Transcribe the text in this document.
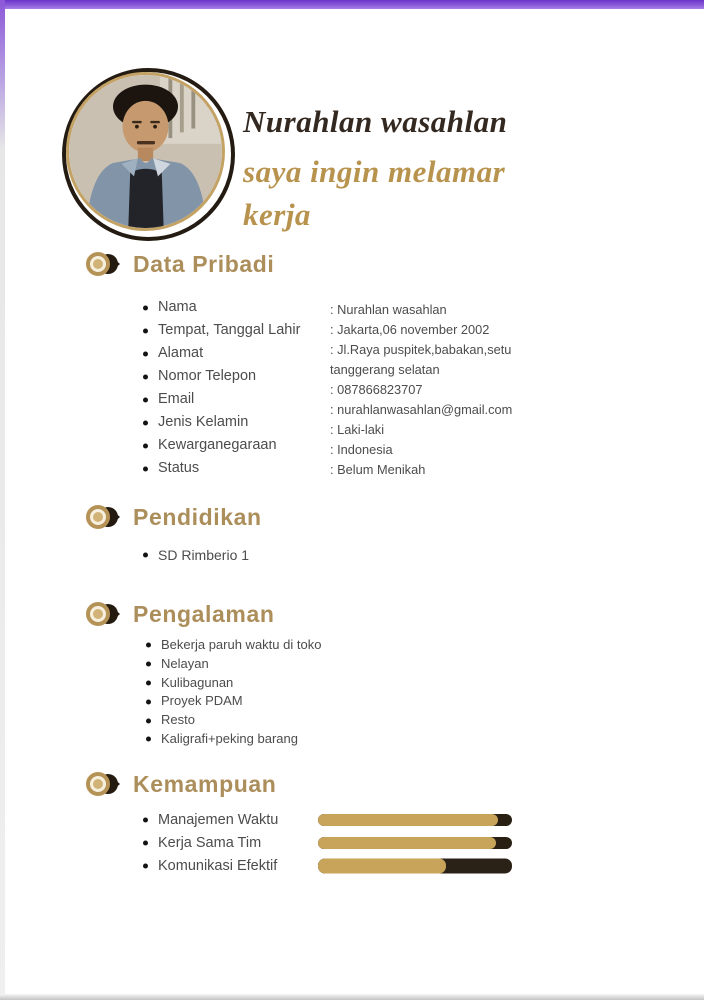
Nurahlan wasahlan
saya ingin melamar
kerja
Data Pribadi
Nama
Tempat, Tanggal Lahir
Alamat
Nomor Telepon
Email
Jenis Kelamin
Kewarganegaraan
Status
: Nurahlan wasahlan
: Jakarta,06 november 2002
: Jl.Raya puspitek,babakan,setu
tanggerang selatan
: 087866823707
: nurahlanwasahlan@gmail.com
: Laki-laki
: Indonesia
: Belum Menikah
Pendidikan
SD Rimberio 1
Pengalaman
Bekerja paruh waktu di toko
Nelayan
Kulibagunan
Proyek PDAM
Resto
Kaligrafi+peking barang
Kemampuan
Manajemen Waktu
Kerja Sama Tim
Komunikasi Efektif
